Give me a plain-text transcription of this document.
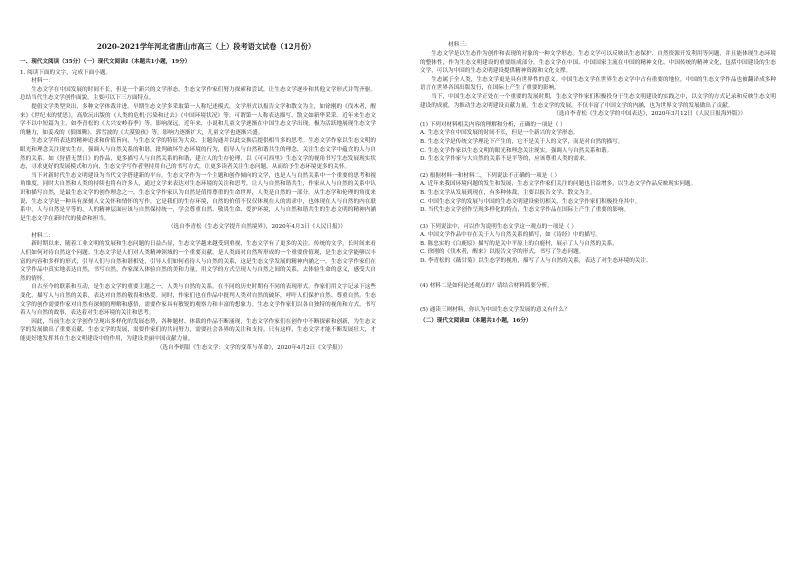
2020-2021学年河北省唐山市高三（上）段考语文试卷（12月份）
一、现代文阅读（35分）（一）现代文阅读Ⅰ（本题共1小题，19分）

1. 阅读下面的文字，完成下面小题。

材料一：

生态文学在中国发展的时间不长，但是一个新兴的文学形态。生态文学作家们努力探索和尝试，让生态文学逐步和其他文学形式并驾齐驱。总结当代生态文学创作面貌，主要可以下三方面特点。

提倡文学类型突出，多种文学体裁并进。早期生态文学多采取第一人称纪述模式，文学形式以报告文学和散文为主，如徐刚的《伐木者，醒来》《世纪末的忧思》，高欣沅出版的《人类的危机·污染和过去》《中国环境状况》等。可谓第一人称表达描写。散文如新华采采。近年来生态文学不以中短篇为主，如李青松的《大兴安岭春季》等，影响深远。近年来，小说和儿童文学逐渐在中国生态文学出现，极为活跃地展现生态文学的魅力，如姜戎的《狼图腾》、郭雪波的《大漠狼孩》等，影响力逐渐扩大，儿童文学也逐渐兴盛。

生态文学所表达的精神追求和价值旨向，与生态文学的特征为大众、主题沟通并以此交换后提供相当多的思考。生态文学作家以生态文明的眼光和理念关注现实生存，强调人与自然关系的和谐，批判破坏生态环境的行为，倡导人与自然和谐共生的理念，关注生态文学中蕴含的人与自然的关系。如《狩猎无禁日》的作品，更多描写人与自然关系的和谐，建立人的生存伦理，以《可可西里》生态文学的视角书写生态发展现实状态，寻求更好的发展模式和方向，生态文学写作者坚持用自己的书写方式，让更多读者关注生态问题，从而给予生态环境更多的关怀。

当下对新时代生态文明建设为当代文学搭建新的平台。生态文学作为一个主题和创作倾向的文学，也是人与自然关系中一个重要的思考和视角维度，同时大自然和人类的持续也将有许多人，通过文学来表达对生态环境的关注和思考，让人与自然和谐共生，作家从人与自然的关系中认识和描写自然，是最生态文学的创作理念之一。生态文学作家认为自然是值得尊重的生命世界，人类是自然的一部分。从生态学和伦理的角度来说，生态文学是一种具有深刻人文关怀和情怀的写作，它是我们的生存环境，自然的价值不仅仅体现在人的需求中，也体现在人与自然的内在联系中，人与自然是平等的，人的精神层面应该与自然保持统一，学会尊重自然、敬畏生命、爱护环境，人与自然和谐共生的生态文明的精神内涵是生态文学在新时代的使命和担当。

（选自李青松《生态文学提升自然境界》，2020年4月3日《人民日报》）

材料二：

新时期以来，随着工业文明的发展和生态问题的日益凸显，生态文学越来越受到重视，生态文学有了更多的关注。传统的文学。长时间来看人们如何对待自然这个问题。生态文学是人们对人类精神领域的一个重要贡献，是人类面对自然所形成的一个重要价值观，是生态文学能够以丰富的内容和多样的形式，引导人们与自然和谐相处，引导人们如何看待人与自然的关系，这是生态文学发展的精神内涵之一。生态文学作家们在文学作品中真实地表达自然，书写自然，作家深入体验自然的美和力量，用文学的方式呈现人与自然之间的关系，去体验生命的意义，感受大自然的情怀。

自古至今的联系和互动，是生态文学的重要主题之一。人类与自然的关系，在不同的历史时期有不同的表现形式。作家们用文字记录下这些变化，描写人与自然的关系，表达对自然的敬畏和热爱。同时，作家们也在作品中批判人类对自然的破坏，呼吁人们保护自然、尊重自然。生态文学的创作需要作家对自然有深刻的理解和感悟，需要作家具有敏锐的观察力和丰富的想象力。生态文学作家们以各自独特的视角和方式，书写着人与自然的故事，表达着对生态环境的关注和思考。

因此，当前生态文学创作呈现出多样化的发展态势，各种题材、体裁的作品不断涌现，生态文学作家们在创作中不断探索和创新，为生态文学的发展做出了重要贡献。生态文学的发展，需要作家们的共同努力，需要社会各界的关注和支持。只有这样，生态文学才能不断发展壮大，才能更好地发挥其在生态文明建设中的作用，为建设美丽中国贡献力量。

（选自李炳银《生态文学：文学的变革与革命》，2020年4月2日《文学报》）

材料三：

生态文学是以生态作为创作和表现的对象的一种文学形态。生态文学可以反映出生态保护、自然资源开发利用等问题，并且能体现生态环境的整体性，作为生态文明建设的重要组成部分，生态文学在中国、中国国家主流在中国的精神文化、中国传统的精神文化，包括中国建设的生态文学，可以为中国的生态文明建设提供精神资源和文化支撑。

生态属于全人类，生态文学更是具有世界性的意义。中国生态文学在世界生态文学中占有重要的地位，中国的生态文学作品也被翻译成多种语言在世界各国出版发行，在国际上产生了重要的影响。

当下，中国生态文学正处在一个重要的发展时期，生态文学作家们积极投身于生态文明建设的实践之中，以文学的方式记录和反映生态文明建设的成就，为推动生态文明建设贡献力量。生态文学的发展，不仅丰富了中国文学的内涵，也为世界文学的发展做出了贡献。

（选自李青松《生态文学的中国表达》，2020年3月12日《人民日报海外版》）

(1) 下列对材料相关内容的理解和分析，正确的一项是（ ）

A. 生态文学在中国发展的时间不长，但是一个新兴的文学形态。

B. 生态文学是传统文学理论下产生的，它不是关于人的文学，而是对自然的描写。

C. 生态文学作家以生态文明的眼光和理念关注现实，强调人与自然关系和谐。

D. 生态文学作家与大自然的关系不是平等的，应该尊重人类的需求。

(2) 根据材料一和材料二，下列说法不正确的一项是（ ）

A. 近年来我国环境问题的发生和发展，生态文学作家们关注的问题也日益增多，以生态文学作品反映现实问题。

B. 生态文学从发展到现在，有多种体裁，主要以报告文学、散文为主。

C. 中国生态文学的发展与中国的生态文明建设密切相关，生态文学作家们积极投身其中。

D. 当代生态文学创作呈现多样化的特点，生态文学作品在国际上产生了重要的影响。

(3) 下列说法中，可以作为说明生态文学这一观点的一项是（ ）

A. 中国文学作品中存在关于人与自然关系的描写，如《诗经》中的描写。

B. 陈忠实的《白鹿原》描写的是关中平原上的白鹿村，展示了人与自然的关系。

C. 徐刚的《伐木者，醒来》以报告文学的形式，书写了生态问题。

D. 李青松的《薇甘菊》以生态学的视角，描写了人与自然的关系，表达了对生态环境的关注。

(4) 材料二是如何论述观点的？请结合材料简要分析。

(5) 通读三则材料，你认为中国生态文学发展的意义有什么？

（二）现代文阅读Ⅱ（本题共1小题，16分）
